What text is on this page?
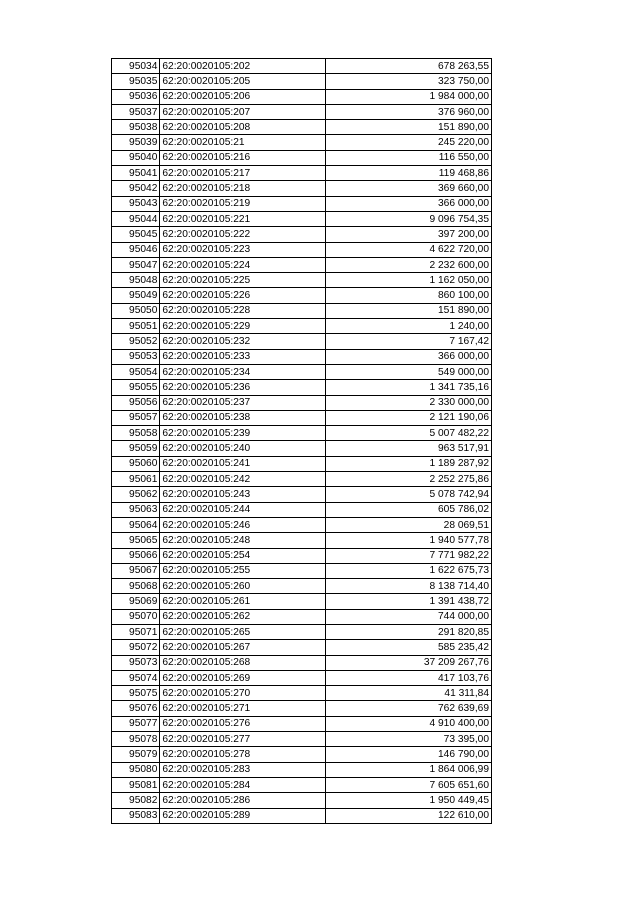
95034	62:20:0020105:202	678 263,55
95035	62:20:0020105:205	323 750,00
95036	62:20:0020105:206	1 984 000,00
95037	62:20:0020105:207	376 960,00
95038	62:20:0020105:208	151 890,00
95039	62:20:0020105:21	245 220,00
95040	62:20:0020105:216	116 550,00
95041	62:20:0020105:217	119 468,86
95042	62:20:0020105:218	369 660,00
95043	62:20:0020105:219	366 000,00
95044	62:20:0020105:221	9 096 754,35
95045	62:20:0020105:222	397 200,00
95046	62:20:0020105:223	4 622 720,00
95047	62:20:0020105:224	2 232 600,00
95048	62:20:0020105:225	1 162 050,00
95049	62:20:0020105:226	860 100,00
95050	62:20:0020105:228	151 890,00
95051	62:20:0020105:229	1 240,00
95052	62:20:0020105:232	7 167,42
95053	62:20:0020105:233	366 000,00
95054	62:20:0020105:234	549 000,00
95055	62:20:0020105:236	1 341 735,16
95056	62:20:0020105:237	2 330 000,00
95057	62:20:0020105:238	2 121 190,06
95058	62:20:0020105:239	5 007 482,22
95059	62:20:0020105:240	963 517,91
95060	62:20:0020105:241	1 189 287,92
95061	62:20:0020105:242	2 252 275,86
95062	62:20:0020105:243	5 078 742,94
95063	62:20:0020105:244	605 786,02
95064	62:20:0020105:246	28 069,51
95065	62:20:0020105:248	1 940 577,78
95066	62:20:0020105:254	7 771 982,22
95067	62:20:0020105:255	1 622 675,73
95068	62:20:0020105:260	8 138 714,40
95069	62:20:0020105:261	1 391 438,72
95070	62:20:0020105:262	744 000,00
95071	62:20:0020105:265	291 820,85
95072	62:20:0020105:267	585 235,42
95073	62:20:0020105:268	37 209 267,76
95074	62:20:0020105:269	417 103,76
95075	62:20:0020105:270	41 311,84
95076	62:20:0020105:271	762 639,69
95077	62:20:0020105:276	4 910 400,00
95078	62:20:0020105:277	73 395,00
95079	62:20:0020105:278	146 790,00
95080	62:20:0020105:283	1 864 006,99
95081	62:20:0020105:284	7 605 651,60
95082	62:20:0020105:286	1 950 449,45
95083	62:20:0020105:289	122 610,00
